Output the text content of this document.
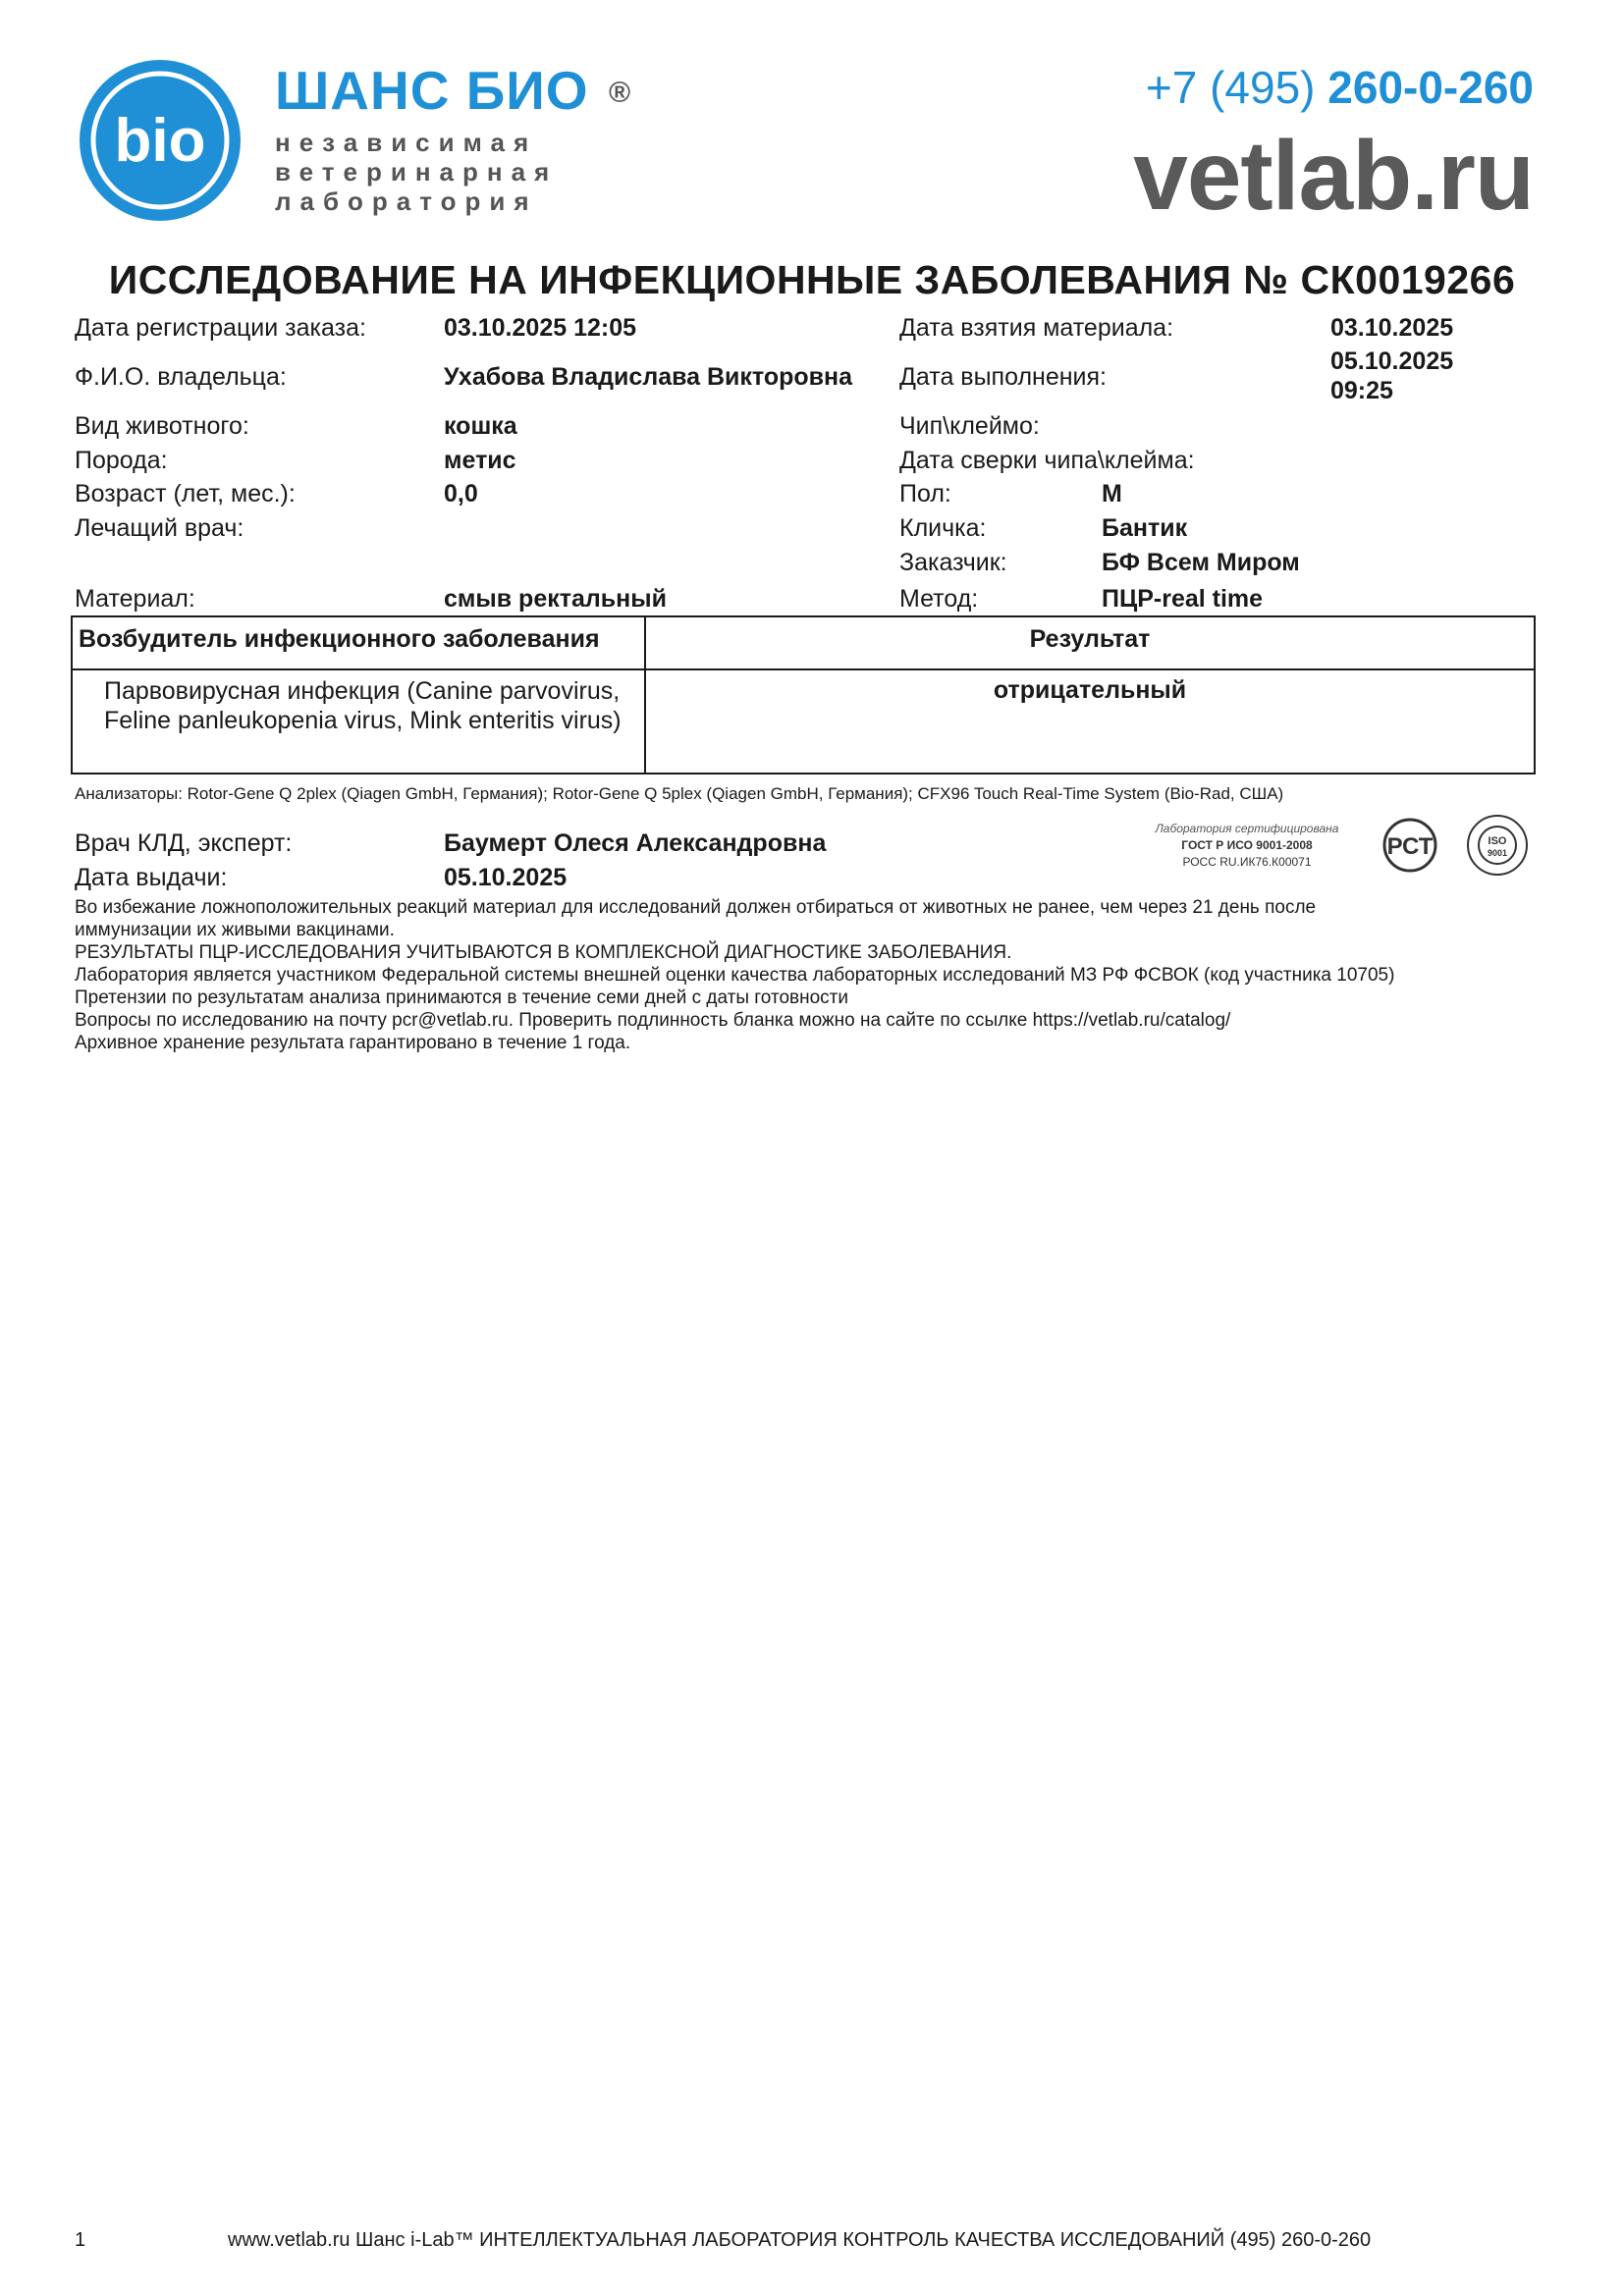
bio
ШАНС БИО ®
независимая
ветеринарная
лаборатория
+7 (495) 260-0-260
vetlab.ru
ИССЛЕДОВАНИЕ НА ИНФЕКЦИОННЫЕ ЗАБОЛЕВАНИЯ № СК0019266
Дата регистрации заказа:	03.10.2025 12:05
Ф.И.О. владельца:	Ухабова Владислава Викторовна
Вид животного:	кошка
Порода:	метис
Возраст (лет, мес.):	0,0
Лечащий врач:
Материал:	смыв ректальный
Дата взятия материала:	03.10.2025
Дата выполнения:
05.10.2025
09:25
Чип\клеймо:
Дата сверки чипа\клейма:
Пол:	М
Кличка:	Бантик
Заказчик:	БФ Всем Миром
Метод:	ПЦР-real time
Возбудитель инфекционного заболевания	Результат
Парвовирусная инфекция (Canine parvovirus, Feline panleukopenia virus, Mink enteritis virus)	отрицательный
Анализаторы: Rotor-Gene Q 2plex (Qiagen GmbH, Германия); Rotor-Gene Q 5plex (Qiagen GmbH, Германия); CFX96 Touch Real-Time System (Bio-Rad, США)
Врач КЛД, эксперт:	Баумерт Олеся Александровна
Дата выдачи:	05.10.2025
Лаборатория сертифицирована
ГОСТ Р ИСО 9001-2008
РОСС RU.ИК76.К00071
РСТ	ISO
9001
Во избежание ложноположительных реакций материал для исследований должен отбираться от животных не ранее, чем через 21 день после
иммунизации их живыми вакцинами.
РЕЗУЛЬТАТЫ ПЦР-ИССЛЕДОВАНИЯ УЧИТЫВАЮТСЯ В КОМПЛЕКСНОЙ ДИАГНОСТИКЕ ЗАБОЛЕВАНИЯ.
Лаборатория является участником Федеральной системы внешней оценки качества лабораторных исследований МЗ РФ ФСВОК (код участника 10705)
Претензии по результатам анализа принимаются в течение семи дней с даты готовности
Вопросы по исследованию на почту pcr@vetlab.ru. Проверить подлинность бланка можно на сайте по ссылке https://vetlab.ru/catalog/
Архивное хранение результата гарантировано в течение 1 года.
1	www.vetlab.ru Шанс i-Lab™ ИНТЕЛЛЕКТУАЛЬНАЯ ЛАБОРАТОРИЯ КОНТРОЛЬ КАЧЕСТВА ИССЛЕДОВАНИЙ (495) 260-0-260
